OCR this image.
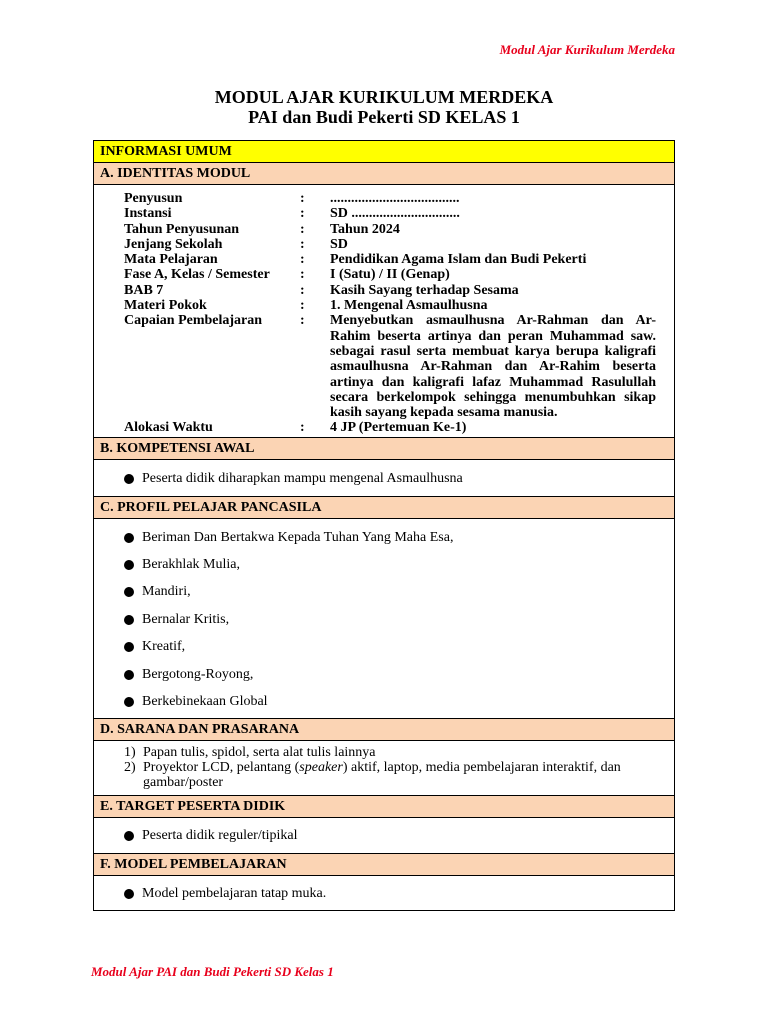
Modul Ajar Kurikulum Merdeka
MODUL AJAR KURIKULUM MERDEKA
PAI dan Budi Pekerti SD KELAS 1
INFORMASI UMUM
A. IDENTITAS MODUL
Penyusun	:	.....................................
Instansi	:	SD ...............................
Tahun Penyusunan	:	Tahun 2024
Jenjang Sekolah	:	SD
Mata Pelajaran	:	Pendidikan Agama Islam dan Budi Pekerti
Fase A, Kelas / Semester	:	I (Satu) / II (Genap)
BAB 7	:	Kasih Sayang terhadap Sesama
Materi Pokok	:	1. Mengenal Asmaulhusna
Capaian Pembelajaran	:	Menyebutkan asmaulhusna Ar-Rahman dan Ar-Rahim beserta artinya dan peran Muhammad saw. sebagai rasul serta membuat karya berupa kaligrafi asmaulhusna Ar-Rahman dan Ar-Rahim beserta artinya dan kaligrafi lafaz Muhammad Rasulullah secara berkelompok sehingga menumbuhkan sikap kasih sayang kepada sesama manusia.
Alokasi Waktu	:	4 JP (Pertemuan Ke-1)
B. KOMPETENSI AWAL
Peserta didik diharapkan mampu mengenal Asmaulhusna
C. PROFIL PELAJAR PANCASILA
Beriman Dan Bertakwa Kepada Tuhan Yang Maha Esa,
Berakhlak Mulia,
Mandiri,
Bernalar Kritis,
Kreatif,
Bergotong-Royong,
Berkebinekaan Global
D. SARANA DAN PRASARANA
1) Papan tulis, spidol, serta alat tulis lainnya
2) Proyektor LCD, pelantang (speaker) aktif, laptop, media pembelajaran interaktif, dan gambar/poster
E. TARGET PESERTA DIDIK
Peserta didik reguler/tipikal
F. MODEL PEMBELAJARAN
Model pembelajaran tatap muka.
Modul Ajar PAI dan Budi Pekerti SD Kelas 1
